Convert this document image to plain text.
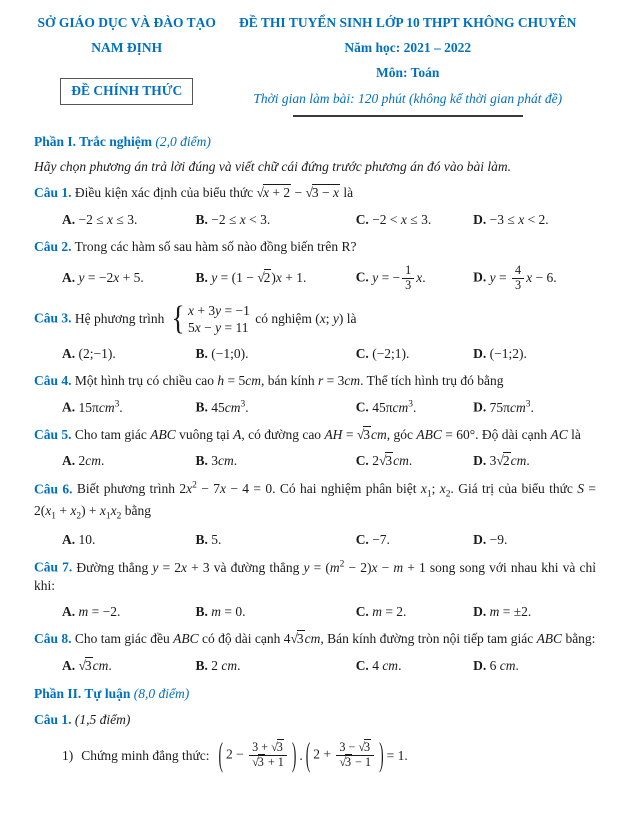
SỞ GIÁO DỤC VÀ ĐÀO TẠO
NAM ĐỊNH
ĐỀ CHÍNH THỨC
ĐỀ THI TUYỂN SINH LỚP 10 THPT KHÔNG CHUYÊN
Năm học: 2021 – 2022
Môn: Toán
Thời gian làm bài: 120 phút (không kể thời gian phát đề)
Phần I. Trắc nghiệm (2,0 điểm)
Hãy chọn phương án trả lời đúng và viết chữ cái đứng trước phương án đó vào bài làm.

Câu 1. Điều kiện xác định của biểu thức √x + 2 − √3 − x là

A. −2 ≤ x ≤ 3.	B. −2 ≤ x < 3.	C. −2 < x ≤ 3.	D. −3 ≤ x < 2.

Câu 2. Trong các hàm số sau hàm số nào đồng biến trên R?

A. y = −2x + 5.	B. y = (1 − √2)x + 1.	C. y = − $\frac{1}{3} x$.	D. $y = \frac{4}{3}$ x − 6.

Câu 3. Hệ phương trình { x + 3y = −1
5x − y = 11
có nghiệm (x; y) là

A. (2;−1).	B. (−1;0).	C. (−2;1).	D. (−1;2).

Câu 4. Một hình trụ có chiều cao h = 5cm, bán kính r = 3cm. Thể tích hình trụ đó bằng

A. 15πcm$^3$.	B. $45cm^3$.	C. 45πcm$^3$.	D. 75πcm$^3$.

Câu 5. Cho tam giác ABC vuông tại A, có đường cao AH = √3cm, góc ABC = 60°. Độ dài cạnh AC là

A. 2cm.	B. 3cm.	C. 2√3cm.	D. 3√2cm.

Câu 6. Biết phương trình $2x^2 - 7x - 4 = 0$. Có hai nghiệm phân biệt $x_1$; $x_2$. Giá trị của biểu thức $S = 2(x_1 + x_2) + x_1x_2$ bằng

A. 10.	B. 5.	C. −7.	D. −9.

Câu 7. Đường thẳng y = 2x + 3 và đường thẳng $y = (m^2 - 2)x - m + 1$ song song với nhau khi và chỉ khi:

A. m = −2.	B. m = 0.	C. m = 2.	D. m = ±2.

Câu 8. Cho tam giác đều ABC có độ dài cạnh 4√3cm, Bán kính đường tròn nội tiếp tam giác ABC bằng:

A. √3cm.	B. 2 cm.	C. 4 cm.	D. 6 cm.
Phần II. Tự luận (8,0 điểm)
Câu 1. (1,5 điểm)
1) Chứng minh đẳng thức: ( $2 - \frac{3 + √3}{√3 + 1}$ ) . ( $2 + \frac{3 - √3}{√3 - 1}$ ) = 1.
